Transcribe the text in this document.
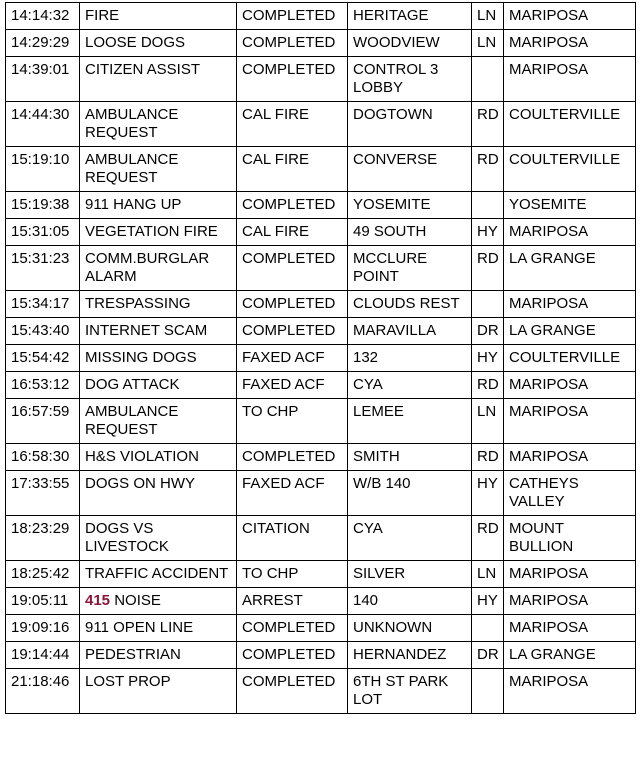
14:14:32	FIRE	COMPLETED	HERITAGE	LN	MARIPOSA
14:29:29	LOOSE DOGS	COMPLETED	WOODVIEW	LN	MARIPOSA
14:39:01	CITIZEN ASSIST	COMPLETED	CONTROL 3 LOBBY		MARIPOSA
14:44:30	AMBULANCE REQUEST	CAL FIRE	DOGTOWN	RD	COULTERVILLE
15:19:10	AMBULANCE REQUEST	CAL FIRE	CONVERSE	RD	COULTERVILLE
15:19:38	911 HANG UP	COMPLETED	YOSEMITE		YOSEMITE
15:31:05	VEGETATION FIRE	CAL FIRE	49 SOUTH	HY	MARIPOSA
15:31:23	COMM.BURGLAR ALARM	COMPLETED	MCCLURE POINT	RD	LA GRANGE
15:34:17	TRESPASSING	COMPLETED	CLOUDS REST		MARIPOSA
15:43:40	INTERNET SCAM	COMPLETED	MARAVILLA	DR	LA GRANGE
15:54:42	MISSING DOGS	FAXED ACF	132	HY	COULTERVILLE
16:53:12	DOG ATTACK	FAXED ACF	CYA	RD	MARIPOSA
16:57:59	AMBULANCE REQUEST	TO CHP	LEMEE	LN	MARIPOSA
16:58:30	H&S VIOLATION	COMPLETED	SMITH	RD	MARIPOSA
17:33:55	DOGS ON HWY	FAXED ACF	W/B 140	HY	CATHEYS VALLEY
18:23:29	DOGS VS LIVESTOCK	CITATION	CYA	RD	MOUNT BULLION
18:25:42	TRAFFIC ACCIDENT	TO CHP	SILVER	LN	MARIPOSA
19:05:11	415 NOISE	ARREST	140	HY	MARIPOSA
19:09:16	911 OPEN LINE	COMPLETED	UNKNOWN		MARIPOSA
19:14:44	PEDESTRIAN	COMPLETED	HERNANDEZ	DR	LA GRANGE
21:18:46	LOST PROP	COMPLETED	6TH ST PARK LOT		MARIPOSA
